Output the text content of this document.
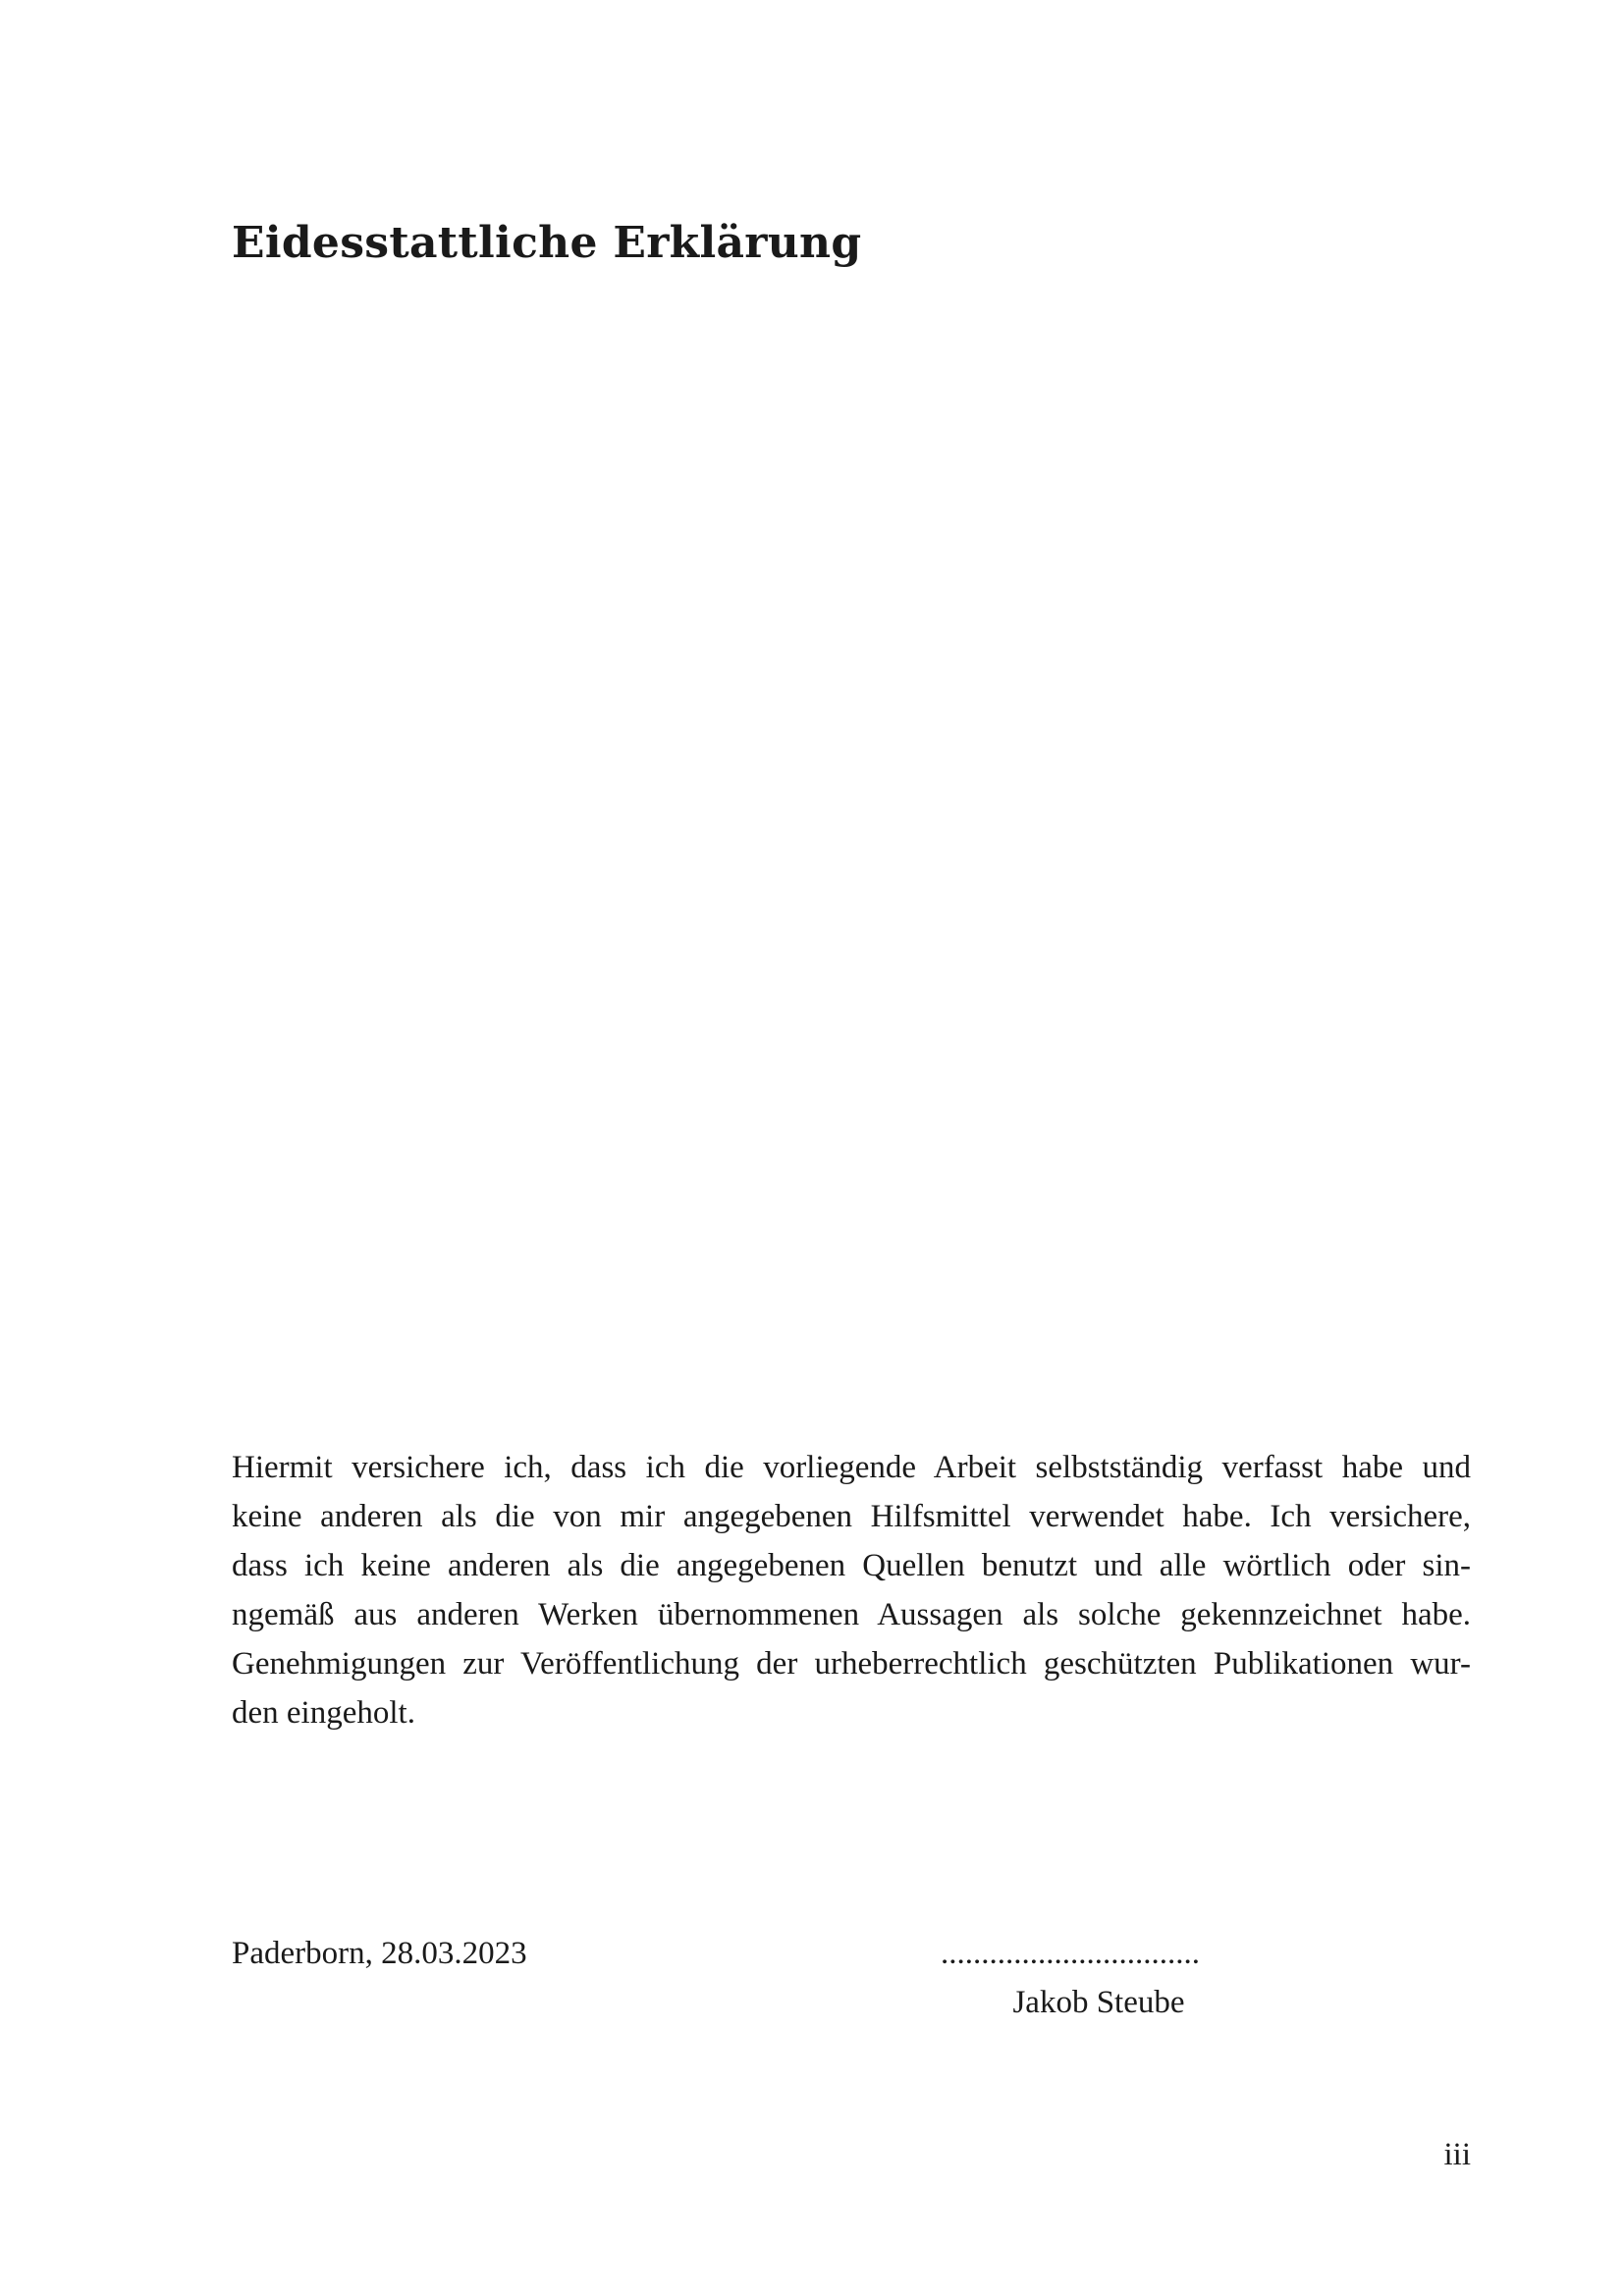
Eidesstattliche Erklärung
Hiermit versichere ich, dass ich die vorliegende Arbeit selbstständig verfasst habe und
keine anderen als die von mir angegebenen Hilfsmittel verwendet habe. Ich versichere,
dass ich keine anderen als die angegebenen Quellen benutzt und alle wörtlich oder sin-
ngemäß aus anderen Werken übernommenen Aussagen als solche gekennzeichnet habe.
Genehmigungen zur Veröffentlichung der urheberrechtlich geschützten Publikationen wur-
den eingeholt.
Paderborn, 28.03.2023	................................
Jakob Steube
iii
